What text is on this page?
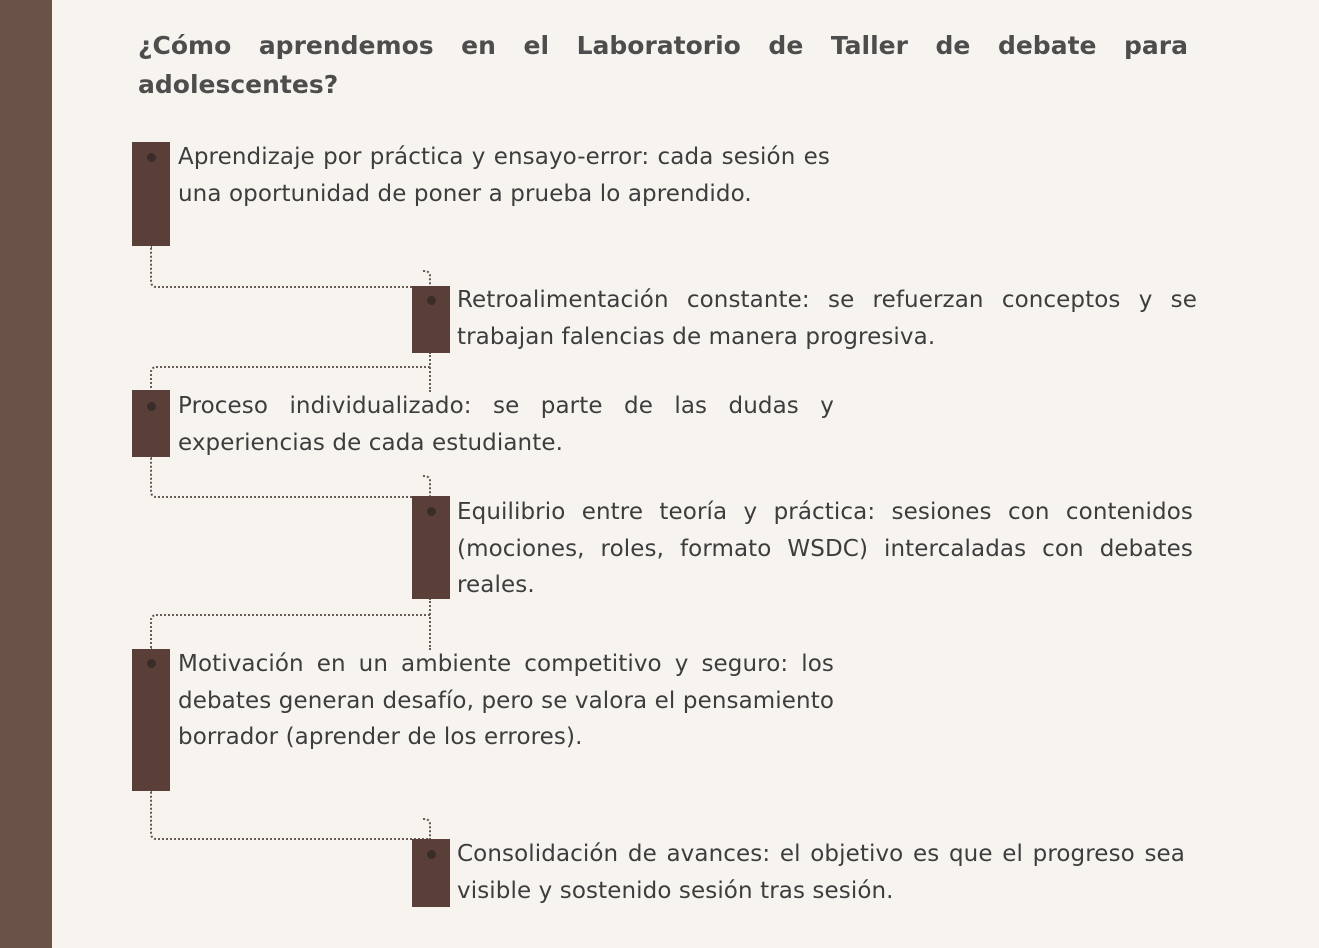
¿Cómo aprendemos en el Laboratorio de Taller de debate para adolescentes?

Aprendizaje por práctica y ensayo-error: cada sesión es una oportunidad de poner a prueba lo aprendido.

Retroalimentación constante: se refuerzan conceptos y se trabajan falencias de manera progresiva.

Proceso individualizado: se parte de las dudas y experiencias de cada estudiante.

Equilibrio entre teoría y práctica: sesiones con contenidos (mociones, roles, formato WSDC) intercaladas con debates reales.

Motivación en un ambiente competitivo y seguro: los debates generan desafío, pero se valora el pensamiento borrador (aprender de los errores).

Consolidación de avances: el objetivo es que el progreso sea visible y sostenido sesión tras sesión.
